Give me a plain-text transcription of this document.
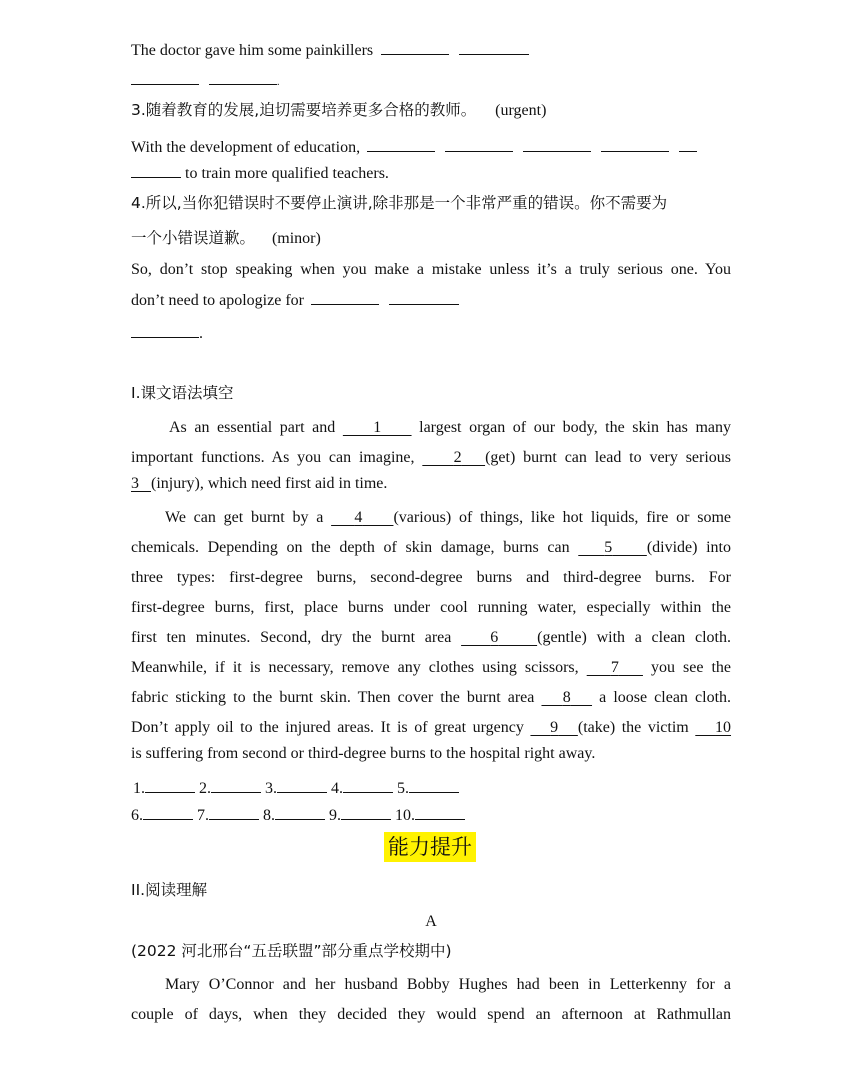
The doctor gave him some painkillers
.
3.随着教育的发展,迫切需要培养更多合格的教师。 (urgent)
With the development of education,
to train more qualified teachers.
4.所以,当你犯错误时不要停止演讲,除非那是一个非常严重的错误。你不需要为
一个小错误道歉。 (minor)
So, don’t stop speaking when you make a mistake unless it’s a truly serious one. You
don’t need to apologize for
.
I.课文语法填空
As an essential part and     1     largest organ of our body, the skin has many
important functions. As you can imagine,     2 (get) burnt can lead to very serious
3 (injury), which need first aid in time.
We can get burnt by a    4 (various) of things, like hot liquids, fire or some
chemicals. Depending on the depth of skin damage, burns can    5 (divide) into
three types: first-degree burns, second-degree burns and third-degree burns. For
first-degree burns, first, place burns under cool running water, especially within the
first ten minutes. Second, dry the burnt area    6 (gentle) with a clean cloth.
Meanwhile, if it is necessary, remove any clothes using scissors,    7    you see the
fabric sticking to the burnt skin. Then cover the burnt area    8    a loose clean cloth.
Don’t apply oil to the injured areas. It is of great urgency    9 (take) the victim    10
is suffering from second or third-degree burns to the hospital right away.
1.	2.	3.	4.	5.
6.	7.	8.	9.	10.
II.阅读理解
A
(2022 河北邢台“五岳联盟”部分重点学校期中)
Mary O’Connor and her husband Bobby Hughes had been in Letterkenny for a
couple of days, when they decided they would spend an afternoon at Rathmullan
能力提升
